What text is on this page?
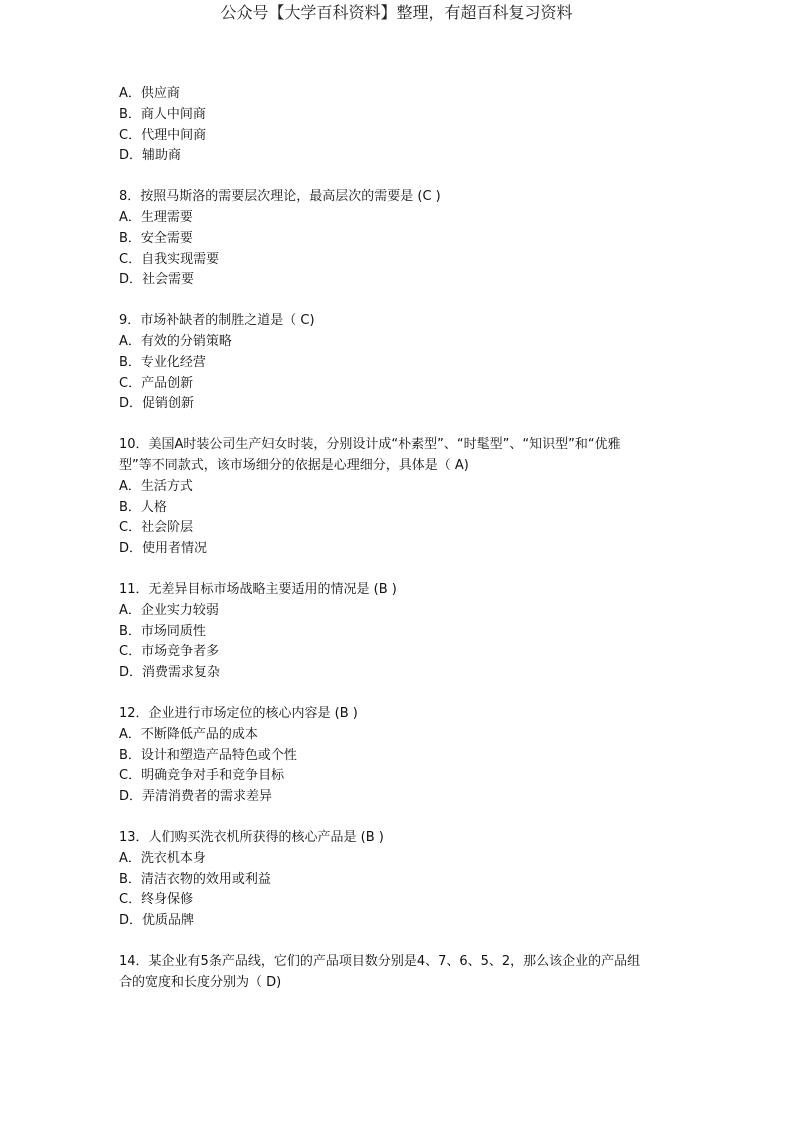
公众号【大学百科资料】整理，有超百科复习资料
A．供应商
B．商人中间商
C．代理中间商
D．辅助商
8．按照马斯洛的需要层次理论，最高层次的需要是 (C )
A．生理需要
B．安全需要
C．自我实现需要
D．社会需要
9．市场补缺者的制胜之道是（ C)
A．有效的分销策略
B．专业化经营
C．产品创新
D．促销创新
10．美国A时装公司生产妇女时装，分别设计成“朴素型”、“时髦型”、“知识型”和“优雅
型”等不同款式，该市场细分的依据是心理细分，具体是（ A)
A．生活方式
B．人格
C．社会阶层
D．使用者情况
11．无差异目标市场战略主要适用的情况是 (B )
A．企业实力较弱
B．市场同质性
C．市场竞争者多
D．消费需求复杂
12．企业进行市场定位的核心内容是 (B )
A．不断降低产品的成本
B．设计和塑造产品特色或个性
C．明确竞争对手和竞争目标
D．弄清消费者的需求差异
13．人们购买洗衣机所获得的核心产品是 (B )
A．洗衣机本身
B．清洁衣物的效用或利益
C．终身保修
D．优质品牌
14．某企业有5条产品线，它们的产品项目数分别是4、7、6、5、2，那么该企业的产品组
合的宽度和长度分别为（ D)
